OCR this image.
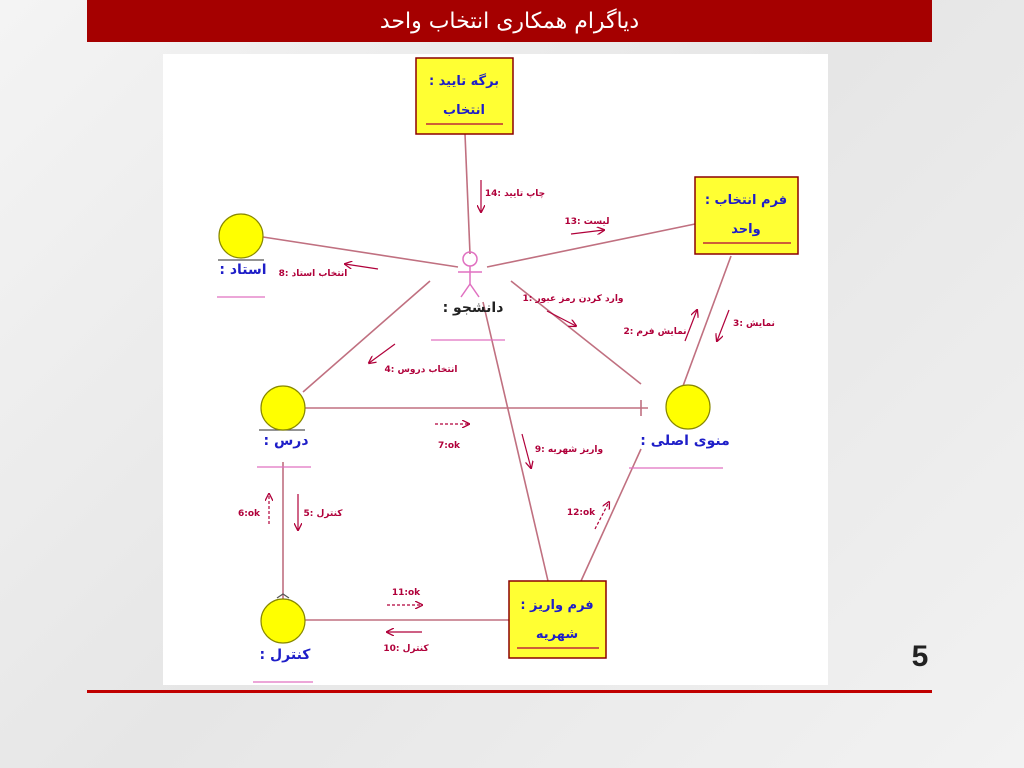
دیاگرام همکاری انتخاب واحد
برگه تایید :
انتخاب
فرم انتخاب :
واحد
فرم واریز :
شهریه
دانشجو :
استاد :
درس :	منوی اصلی :
کنترل :
چاپ تایید :14
لیست :13
انتخاب استاد :8
وارد کردن رمز عبور :1
نمایش فرم :2
نمایش :3
انتخاب دروس :4
7:ok	واریز شهریه :9
6:ok	کنترل :5	12:ok
11:ok
کنترل :10	5
